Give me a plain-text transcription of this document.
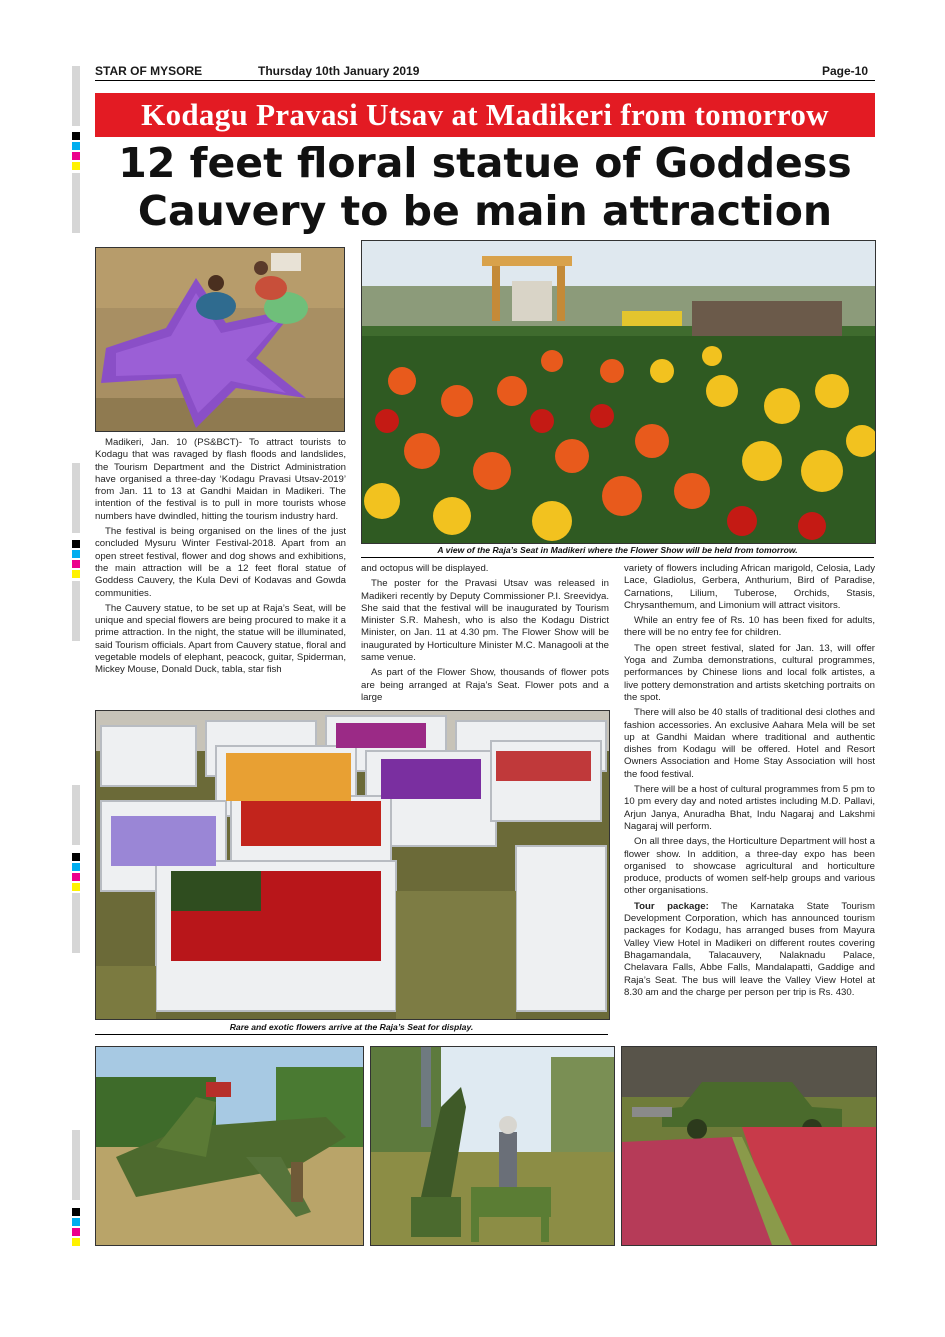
STAR OF MYSORE	Thursday 10th January 2019	Page-10
Kodagu Pravasi Utsav at Madikeri from tomorrow
12 feet floral statue of Goddess
Cauvery to be main attraction
A view of the Raja’s Seat in Madikeri where the Flower Show will be held from tomorrow.

Madikeri, Jan. 10 (PS&BCT)- To attract tourists to Kodagu that was ravaged by flash floods and landslides, the Tourism Department and the District Administration have organised a three-day ‘Kodagu Pravasi Utsav-2019’ from Jan. 11 to 13 at Gandhi Maidan in Madikeri. The intention of the festival is to pull in more tourists whose numbers have dwindled, hitting the tourism industry hard.

The festival is being organised on the lines of the just concluded Mysuru Winter Festival-2018. Apart from an open street festival, flower and dog shows and exhibitions, the main attraction will be a 12 feet floral statue of Goddess Cauvery, the Kula Devi of Kodavas and Gowda communities.

The Cauvery statue, to be set up at Raja’s Seat, will be unique and special flowers are being procured to make it a prime attraction. In the night, the statue will be illuminated, said Tourism officials. Apart from Cauvery statue, floral and vegetable models of elephant, peacock, guitar, Spiderman, Mickey Mouse, Donald Duck, tabla, star fish

and octopus will be displayed.

The poster for the Pravasi Utsav was released in Madikeri recently by Deputy Commissioner P.I. Sreevidya. She said that the festival will be inaugurated by Tourism Minister S.R. Mahesh, who is also the Kodagu District Minister, on Jan. 11 at 4.30 pm. The Flower Show will be inaugurated by Horticulture Minister M.C. Managooli at the same venue.

As part of the Flower Show, thousands of flower pots are being arranged at Raja’s Seat. Flower pots and a large

variety of flowers including African marigold, Celosia, Lady Lace, Gladiolus, Gerbera, Anthurium, Bird of Paradise, Carnations, Lilium, Tuberose, Orchids, Stasis, Chrysanthemum, and Limonium will attract visitors.

While an entry fee of Rs. 10 has been fixed for adults, there will be no entry fee for children.

The open street festival, slated for Jan. 13, will offer Yoga and Zumba demonstrations, cultural programmes, performances by Chinese lions and local folk artistes, a live pottery demonstration and artists sketching portraits on the spot.

There will also be 40 stalls of traditional desi clothes and fashion accessories. An exclusive Aahara Mela will be set up at Gandhi Maidan where traditional and authentic dishes from Kodagu will be offered. Hotel and Resort Owners Association and Home Stay Association will host the food festival.

There will be a host of cultural programmes from 5 pm to 10 pm every day and noted artistes including M.D. Pallavi, Arjun Janya, Anuradha Bhat, Indu Nagaraj and Lakshmi Nagaraj will perform.

On all three days, the Horticulture Department will host a flower show. In addition, a three-day expo has been organised to showcase agricultural and horticulture produce, products of women self-help groups and various other organisations.

Tour package: The Karnataka State Tourism Development Corporation, which has announced tourism packages for Kodagu, has arranged buses from Mayura Valley View Hotel in Madikeri on different routes covering Bhagamandala, Talacauvery, Nalaknadu Palace, Chelavara Falls, Abbe Falls, Mandalapatti, Gaddige and Raja’s Seat. The bus will leave the Valley View Hotel at 8.30 am and the charge per person per trip is Rs. 430.

Rare and exotic flowers arrive at the Raja’s Seat for display.
